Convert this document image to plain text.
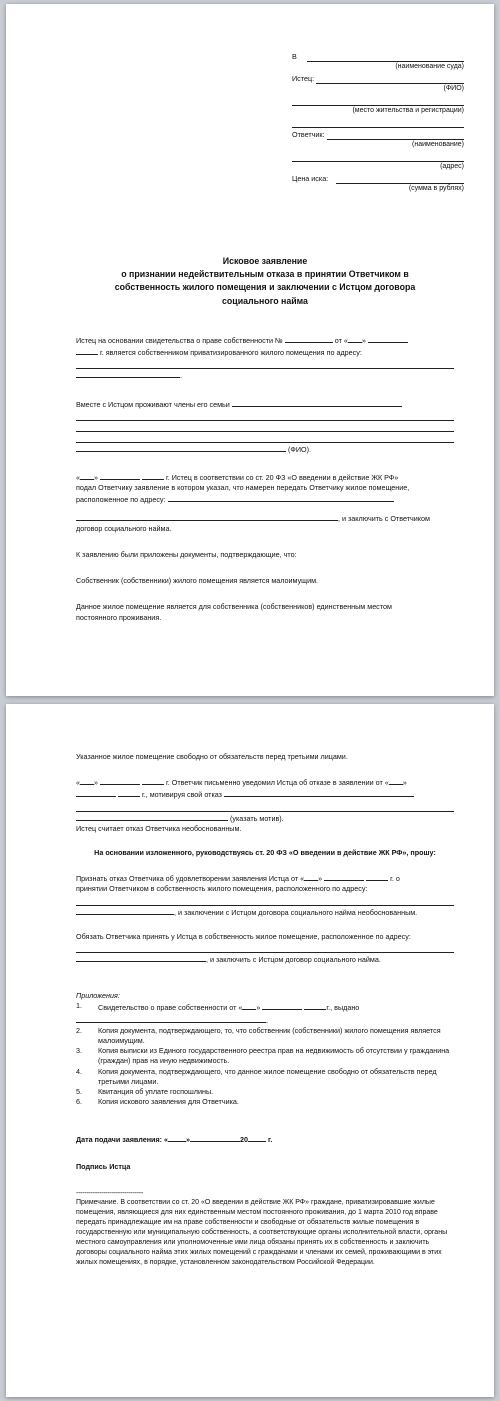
В
(наименование суда)
Истец:
(ФИО)
(место жительства и регистрации)
Ответчик:
(наименование)
(адрес)
Цена иска:
(сумма в рублях)
Исковое заявление
о признании недействительным отказа в принятии Ответчиком в
собственность жилого помещения и заключении с Истцом договора
социального найма
Истец на основании свидетельства о праве собственности №	от « »
г. является собственником приватизированного жилого помещения по адресу:
.
Вместе с Истцом проживают члены его семьи
(ФИО).
« »	г. Истец в соответствии со ст. 20 ФЗ «О введении в действие ЖК РФ»
подал Ответчику заявление в котором указал, что намерен передать Ответчику жилое помещение,
расположенное по адресу:
, и заключить с Ответчиком
договор социального найма.
К заявлению были приложены документы, подтверждающие, что:
Собственник (собственники) жилого помещения является малоимущим.
Данное жилое помещение является для собственника (собственников) единственным местом
постоянного проживания.
Указанное жилое помещение свободно от обязательств перед третьими лицами.
« »	г. Ответчик письменно уведомил Истца об отказе в заявлении от « »
г., мотивируя свой отказ
(указать мотив).
Истец считает отказ Ответчика необоснованным.
На основании изложенного, руководствуясь ст. 20 ФЗ «О введении в действие ЖК РФ», прошу:
Признать отказ Ответчика об удовлетворении заявления Истца от « »	г. о
принятии Ответчиком в собственность жилого помещения, расположенного по адресу:
, и заключении с Истцом договора социального найма необоснованным.
Обязать Ответчика принять у Истца в собственность жилое помещение, расположенное по адресу:
, и заключить с Истцом договор социального найма.
Приложения:
1.	Свидетельство о праве собственности от « »	г., выдано
.
2.	Копия документа, подтверждающего, то, что собственник (собственники) жилого помещения является малоимущим.
3.	Копия выписки из Единого государственного реестра прав на недвижимость об отсутствии у гражданина (граждан) прав на иную недвижимость.
4.	Копия документа, подтверждающего, что данное жилое помещение свободно от обязательств перед третьими лицами.
5.	Квитанция об уплате госпошлины.
6.	Копия искового заявления для Ответчика.
Дата подачи заявления: «	»	20	г.
Подпись Истца
--------------------------------
Примечание. В соответствии со ст. 20 «О введении в действие ЖК РФ» граждане, приватизировавшие жилые помещения, являющиеся для них единственным местом постоянного проживания, до 1 марта 2010 год вправе передать принадлежащие им на праве собственности и свободные от обязательств жилые помещения в государственную или муниципальную собственность, а соответствующие органы исполнительной власти, органы местного самоуправления или уполномоченные ими лица обязаны принять их в собственность и заключить договоры социального найма этих жилых помещений с гражданами и членами их семей, проживающими в этих жилых помещениях, в порядке, установленном законодательством Российской Федерации.
